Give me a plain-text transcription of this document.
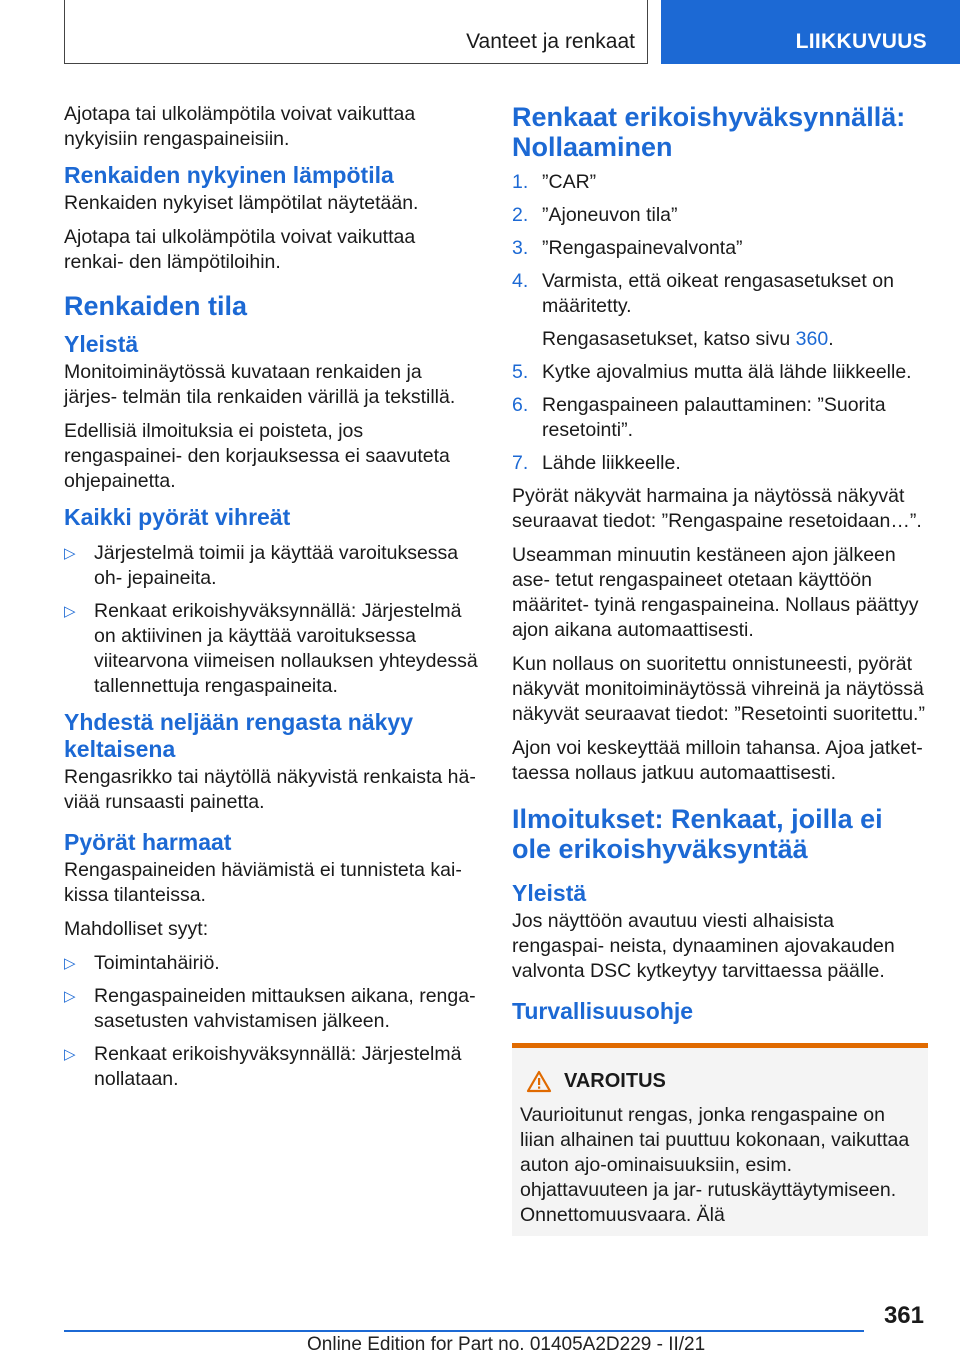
Vanteet ja renkaat	LIIKKUVUUS

Ajotapa tai ulkolämpötila voivat vaikuttaa nykyisiin rengaspaineisiin.

Renkaiden nykyinen lämpötila

Renkaiden nykyiset lämpötilat näytetään.

Ajotapa tai ulkolämpötila voivat vaikuttaa renkai- den lämpötiloihin.

Renkaiden tila
Yleistä

Monitoiminäytössä kuvataan renkaiden ja järjes- telmän tila renkaiden värillä ja tekstillä.

Edellisiä ilmoituksia ei poisteta, jos rengaspainei- den korjauksessa ei saavuteta ohjepainetta.

Kaikki pyörät vihreät
▷ Järjestelmä toimii ja käyttää varoituksessa oh- jepaineita.
▷ Renkaat erikoishyväksynnällä: Järjestelmä on aktiivinen ja käyttää varoituksessa viitearvona viimeisen nollauksen yhteydessä tallennettuja rengaspaineita.
Yhdestä neljään rengasta näkyy keltaisena

Rengasrikko tai näytöllä näkyvistä renkaista hä- viää runsaasti painetta.

Pyörät harmaat

Rengaspaineiden häviämistä ei tunnisteta kai- kissa tilanteissa.

Mahdolliset syyt:

▷ Toimintahäiriö.
▷ Rengaspaineiden mittauksen aikana, renga- sasetusten vahvistamisen jälkeen.
▷ Renkaat erikoishyväksynnällä: Järjestelmä nollataan.
Renkaat erikoishyväksynnällä: Nollaaminen
1. ”CAR”
2. ”Ajoneuvon tila”
3. ”Rengaspainevalvonta”
4. Varmista, että oikeat rengasasetukset on määritetty.

Rengasasetukset, katso sivu 360.

5. Kytke ajovalmius mutta älä lähde liikkeelle.
6. Rengaspaineen palauttaminen: ”Suorita resetointi”.
7. Lähde liikkeelle.

Pyörät näkyvät harmaina ja näytössä näkyvät seuraavat tiedot: ”Rengaspaine resetoidaan…”.

Useamman minuutin kestäneen ajon jälkeen ase- tetut rengaspaineet otetaan käyttöön määritet- tyinä rengaspaineina. Nollaus päättyy ajon aikana automaattisesti.

Kun nollaus on suoritettu onnistuneesti, pyörät näkyvät monitoiminäytössä vihreinä ja näytössä näkyvät seuraavat tiedot: ”Resetointi suoritettu.”

Ajon voi keskeyttää milloin tahansa. Ajoa jatket- taessa nollaus jatkuu automaattisesti.

Ilmoitukset: Renkaat, joilla ei ole erikoishyväksyntää
Yleistä

Jos näyttöön avautuu viesti alhaisista rengaspai- neista, dynaaminen ajovakauden valvonta DSC kytkeytyy tarvittaessa päälle.

Turvallisuusohje
VAROITUS

Vaurioitunut rengas, jonka rengaspaine on liian alhainen tai puuttuu kokonaan, vaikuttaa auton ajo-ominaisuuksiin, esim. ohjattavuuteen ja jar- rutuskäyttäytymiseen. Onnettomuusvaara. Älä

361
Online Edition for Part no. 01405A2D229 - II/21
